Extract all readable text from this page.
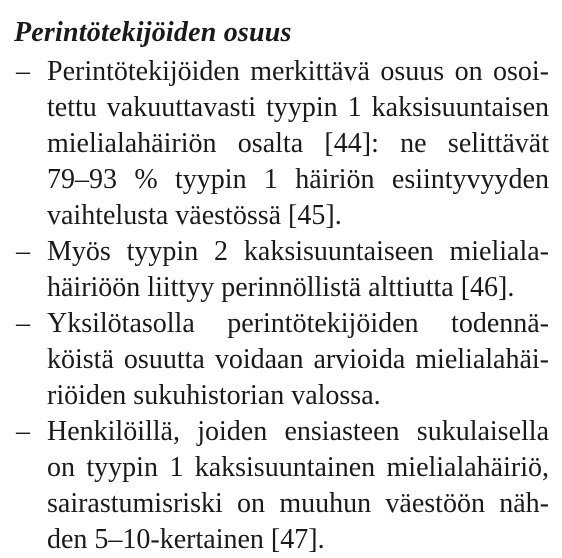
Perintötekijöiden osuus
– Perintötekijöiden merkittävä osuus on osoi-
tettu vakuuttavasti tyypin 1 kaksisuuntaisen
mielialahäiriön osalta [44]: ne selittävät
79–93 % tyypin 1 häiriön esiintyvyyden
vaihtelusta väestössä [45].
– Myös tyypin 2 kaksisuuntaiseen mieliala-
häiriöön liittyy perinnöllistä alttiutta [46].
– Yksilötasolla perintötekijöiden todennä-
köistä osuutta voidaan arvioida mielialahäi-
riöiden sukuhistorian valossa.
– Henkilöillä, joiden ensiasteen sukulaisella
on tyypin 1 kaksisuuntainen mielialahäiriö,
sairastumisriski on muuhun väestöön näh-
den 5–10-kertainen [47].
